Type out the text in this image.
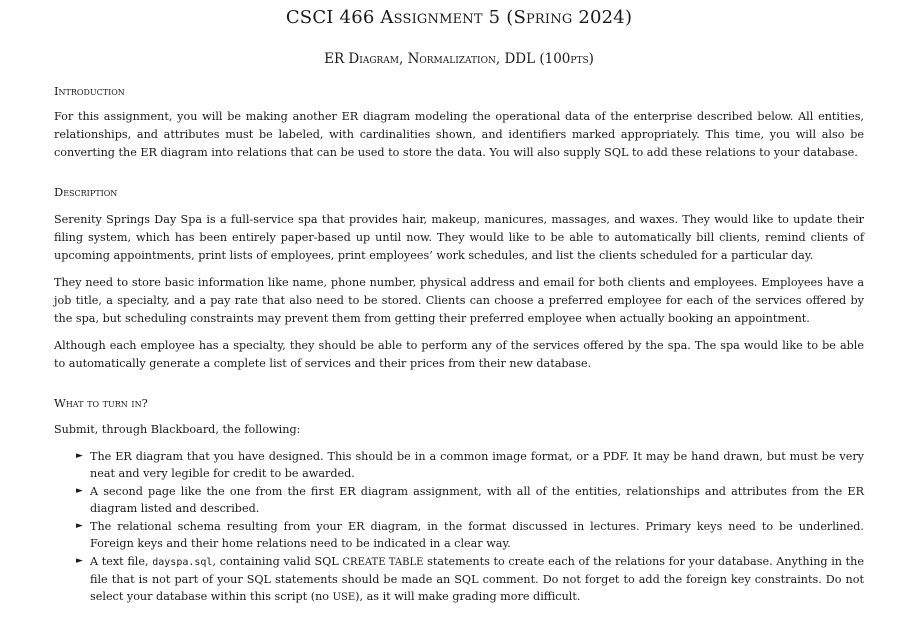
CSCI 466 Assignment 5 (Spring 2024)
ER Diagram, Normalization, DDL (100pts)
Introduction

For this assignment, you will be making another ER diagram modeling the operational data of the enterprise described below. All entities, relationships, and attributes must be labeled, with cardinalities shown, and identifiers marked appropriately. This time, you will also be converting the ER diagram into relations that can be used to store the data. You will also supply SQL to add these relations to your database.

Description

Serenity Springs Day Spa is a full-service spa that provides hair, makeup, manicures, massages, and waxes. They would like to update their filing system, which has been entirely paper-based up until now. They would like to be able to automatically bill clients, remind clients of upcoming appointments, print lists of employees, print employees’ work schedules, and list the clients scheduled for a particular day.

They need to store basic information like name, phone number, physical address and email for both clients and employees. Employees have a job title, a specialty, and a pay rate that also need to be stored. Clients can choose a preferred employee for each of the services offered by the spa, but scheduling constraints may prevent them from getting their preferred employee when actually booking an appointment.

Although each employee has a specialty, they should be able to perform any of the services offered by the spa. The spa would like to be able to automatically generate a complete list of services and their prices from their new database.

What to turn in?

Submit, through Blackboard, the following:

► The ER diagram that you have designed. This should be in a common image format, or a PDF. It may be hand drawn, but must be very neat and very legible for credit to be awarded.
► A second page like the one from the first ER diagram assignment, with all of the entities, relationships and attributes from the ER diagram listed and described.
► The relational schema resulting from your ER diagram, in the format discussed in lectures. Primary keys need to be underlined. Foreign keys and their home relations need to be indicated in a clear way.
► A text file, dayspa.sql, containing valid SQL CREATE TABLE statements to create each of the relations for your database. Anything in the file that is not part of your SQL statements should be made an SQL comment. Do not forget to add the foreign key constraints. Do not select your database within this script (no USE), as it will make grading more difficult.
